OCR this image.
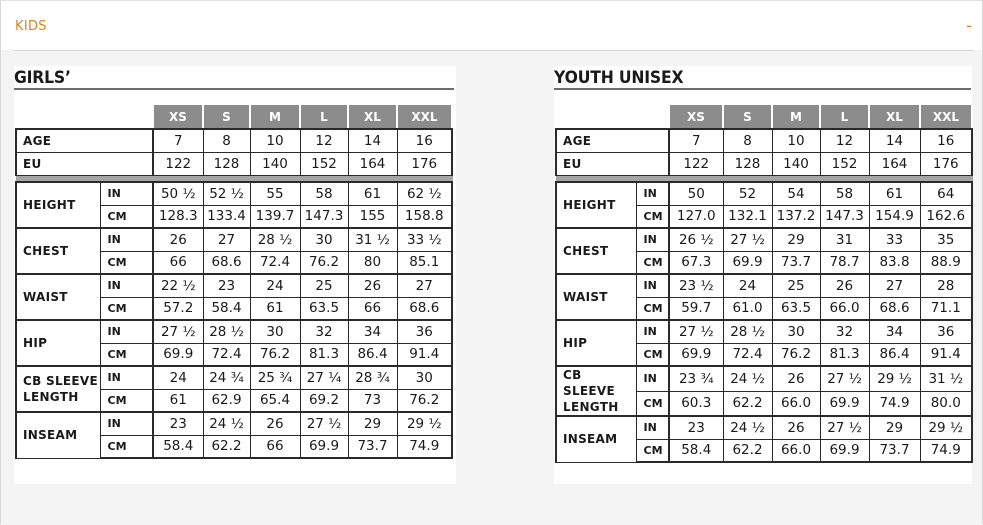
KIDS	-
GIRLS’
		XS	S	M	L	XL	XXL
AGE		7	8	10	12	14	16
EU		122	128	140	152	164	176

HEIGHT	IN	50 ½	52 ½	55	58	61	62 ½
	CM	128.3	133.4	139.7	147.3	155	158.8
CHEST	IN	26	27	28 ½	30	31 ½	33 ½
	CM	66	68.6	72.4	76.2	80	85.1
WAIST	IN	22 ½	23	24	25	26	27
	CM	57.2	58.4	61	63.5	66	68.6
HIP	IN	27 ½	28 ½	30	32	34	36
	CM	69.9	72.4	76.2	81.3	86.4	91.4
CB SLEEVE LENGTH	IN	24	24 ¾	25 ¾	27 ¼	28 ¾	30
	CM	61	62.9	65.4	69.2	73	76.2
INSEAM	IN	23	24 ½	26	27 ½	29	29 ½
	CM	58.4	62.2	66	69.9	73.7	74.9
YOUTH UNISEX
		XS	S	M	L	XL	XXL
AGE		7	8	10	12	14	16
EU		122	128	140	152	164	176

HEIGHT	IN	50	52	54	58	61	64
	CM	127.0	132.1	137.2	147.3	154.9	162.6
CHEST	IN	26 ½	27 ½	29	31	33	35
	CM	67.3	69.9	73.7	78.7	83.8	88.9
WAIST	IN	23 ½	24	25	26	27	28
	CM	59.7	61.0	63.5	66.0	68.6	71.1
HIP	IN	27 ½	28 ½	30	32	34	36
	CM	69.9	72.4	76.2	81.3	86.4	91.4
CB SLEEVE LENGTH	IN	23 ¾	24 ½	26	27 ½	29 ½	31 ½
	CM	60.3	62.2	66.0	69.9	74.9	80.0
INSEAM	IN	23	24 ½	26	27 ½	29	29 ½
	CM	58.4	62.2	66.0	69.9	73.7	74.9
